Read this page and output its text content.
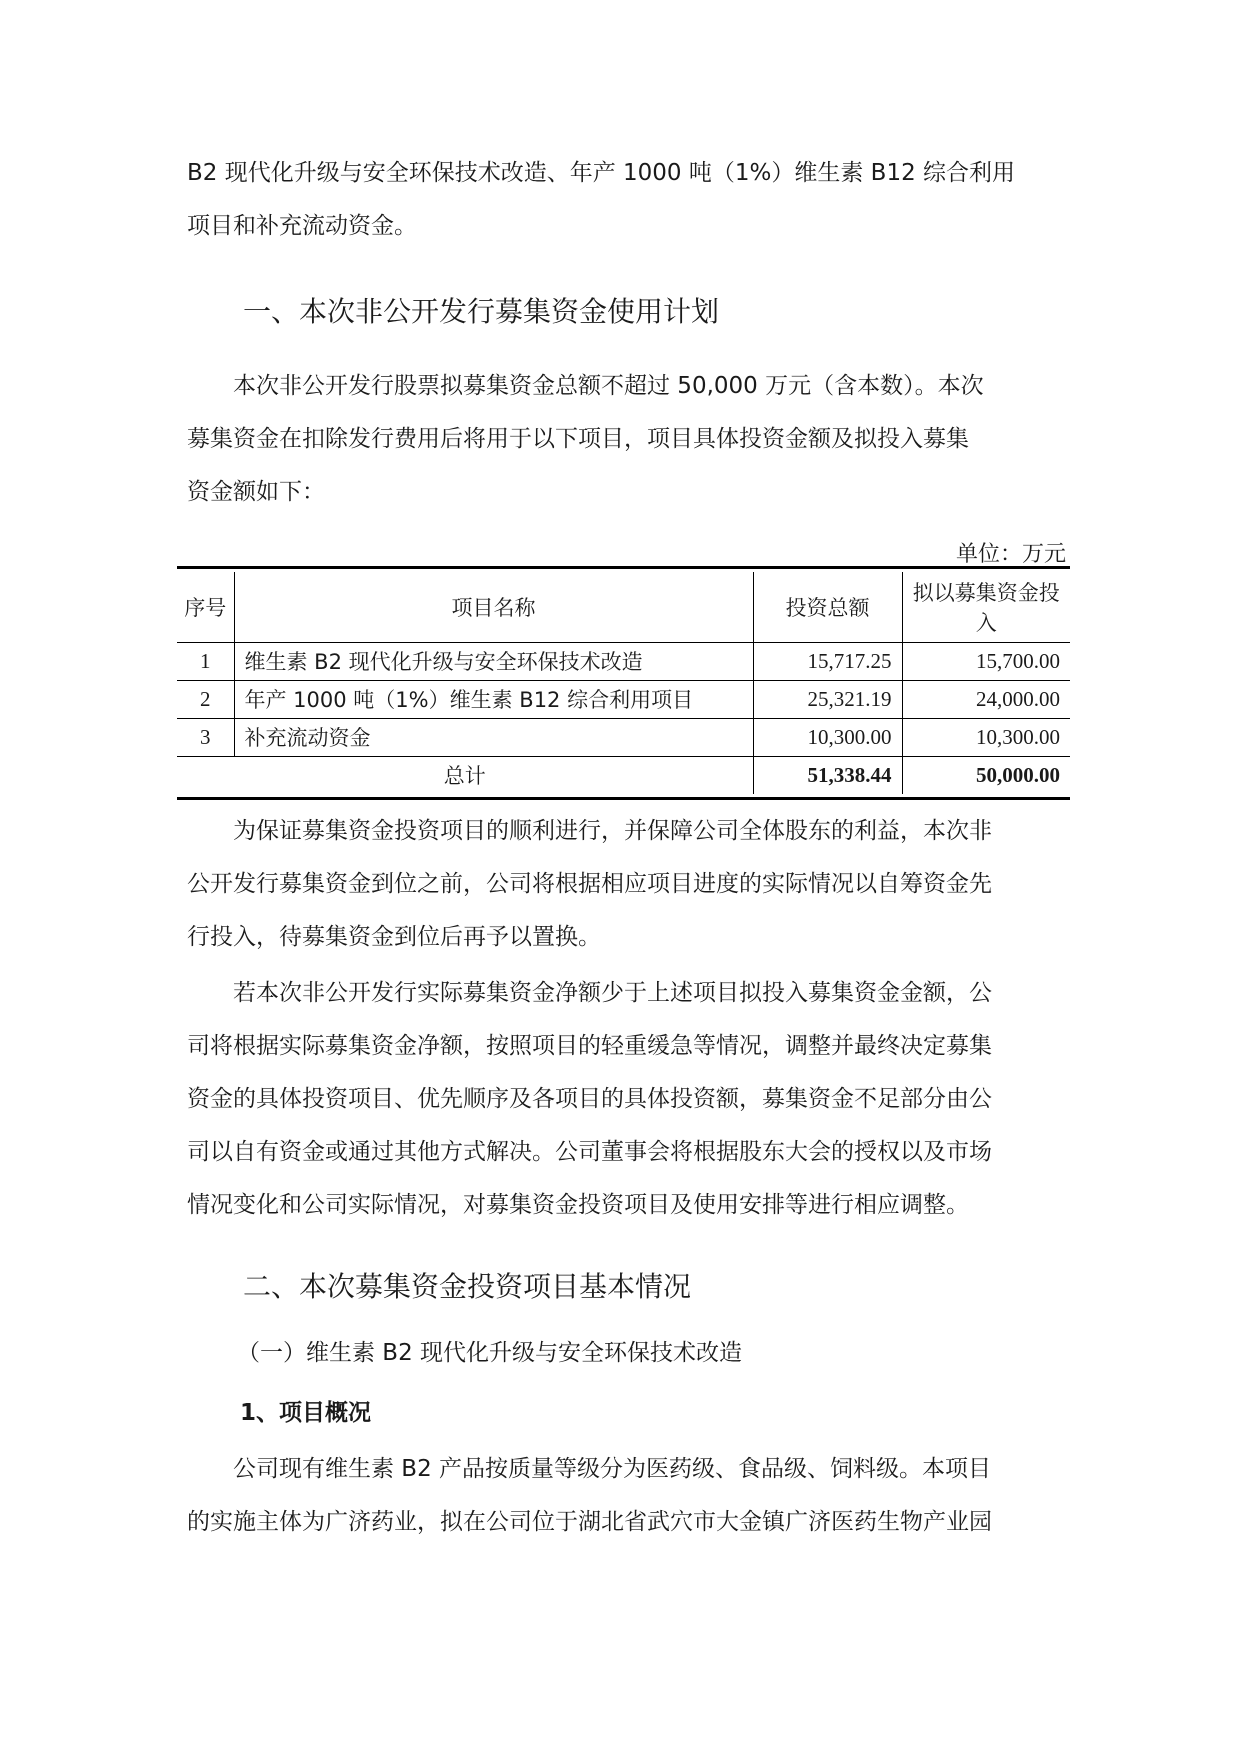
B2 现代化升级与安全环保技术改造、年产 1000 吨（1%）维生素 B12 综合利用
项目和补充流动资金。

一、本次非公开发行募集资金使用计划

本次非公开发行股票拟募集资金总额不超过 50,000 万元（含本数）。本次
募集资金在扣除发行费用后将用于以下项目，项目具体投资金额及拟投入募集
资金额如下：

单位：万元
序号	项目名称	投资总额	拟以募集资金投入
1	维生素 B2 现代化升级与安全环保技术改造	15,717.25	15,700.00
2	年产 1000 吨（1%）维生素 B12 综合利用项目	25,321.19	24,000.00
3	补充流动资金	10,300.00	10,300.00
总计		51,338.44	50,000.00

为保证募集资金投资项目的顺利进行，并保障公司全体股东的利益，本次非
公开发行募集资金到位之前，公司将根据相应项目进度的实际情况以自筹资金先
行投入，待募集资金到位后再予以置换。

若本次非公开发行实际募集资金净额少于上述项目拟投入募集资金金额，公
司将根据实际募集资金净额，按照项目的轻重缓急等情况，调整并最终决定募集
资金的具体投资项目、优先顺序及各项目的具体投资额，募集资金不足部分由公
司以自有资金或通过其他方式解决。公司董事会将根据股东大会的授权以及市场
情况变化和公司实际情况，对募集资金投资项目及使用安排等进行相应调整。

二、本次募集资金投资项目基本情况
（一）维生素 B2 现代化升级与安全环保技术改造
1、项目概况

公司现有维生素 B2 产品按质量等级分为医药级、食品级、饲料级。本项目
的实施主体为广济药业，拟在公司位于湖北省武穴市大金镇广济医药生物产业园
